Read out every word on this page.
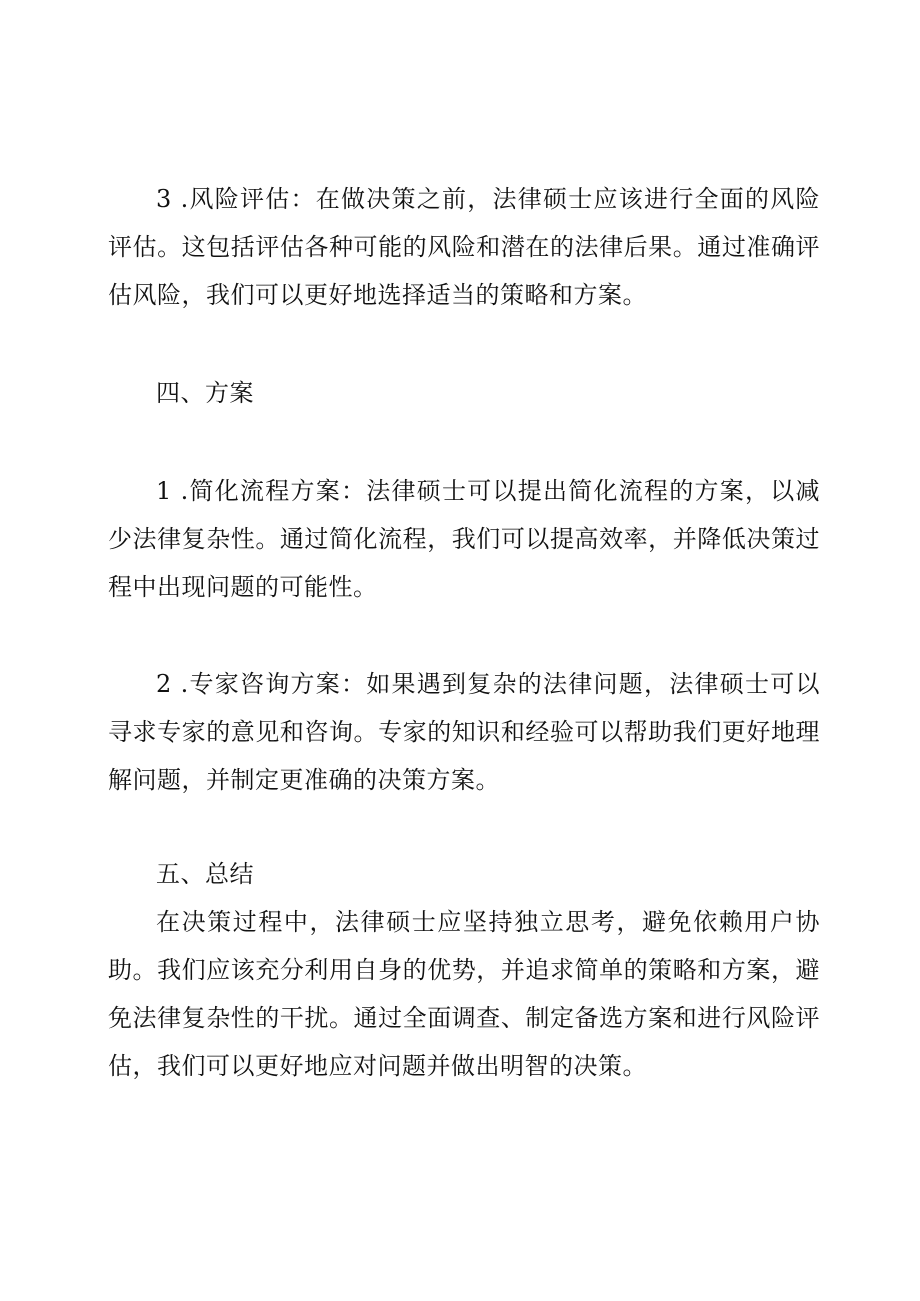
3 .风险评估：在做决策之前，法律硕士应该进行全面的风险评估。这包括评估各种可能的风险和潜在的法律后果。通过准确评估风险，我们可以更好地选择适当的策略和方案。

四、方案

1 .简化流程方案：法律硕士可以提出简化流程的方案，以减少法律复杂性。通过简化流程，我们可以提高效率，并降低决策过程中出现问题的可能性。

2 .专家咨询方案：如果遇到复杂的法律问题，法律硕士可以寻求专家的意见和咨询。专家的知识和经验可以帮助我们更好地理解问题，并制定更准确的决策方案。

五、总结

在决策过程中，法律硕士应坚持独立思考，避免依赖用户协助。我们应该充分利用自身的优势，并追求简单的策略和方案，避免法律复杂性的干扰。通过全面调查、制定备选方案和进行风险评估，我们可以更好地应对问题并做出明智的决策。
